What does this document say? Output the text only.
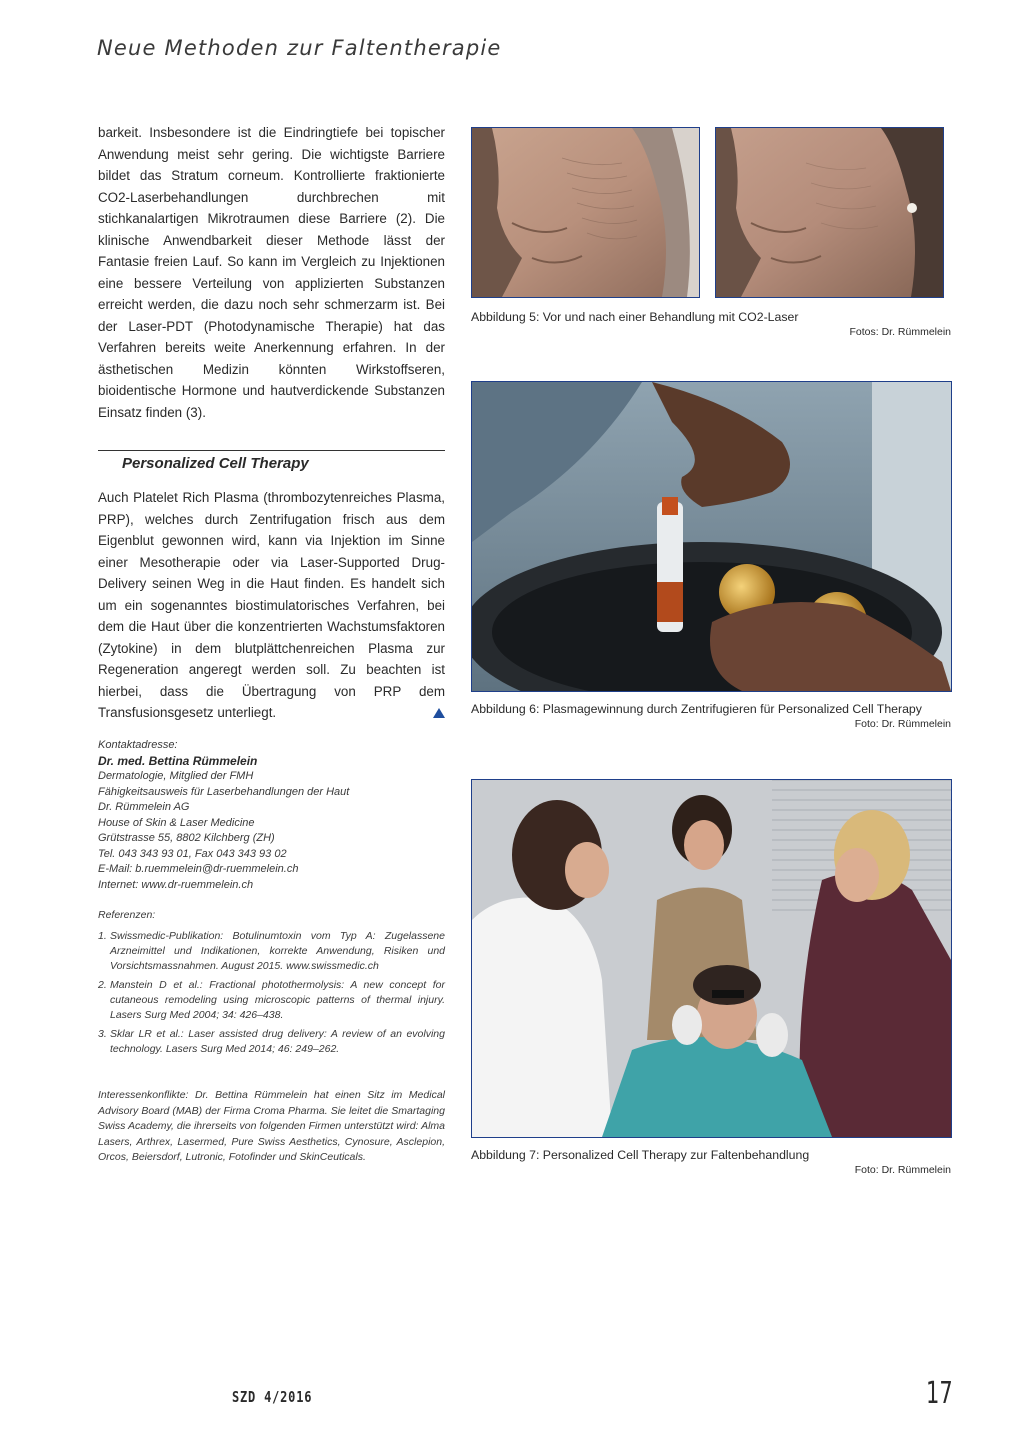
Neue Methoden zur Faltentherapie

barkeit. Insbesondere ist die Eindringtiefe bei topischer Anwendung meist sehr gering. Die wichtigste Barriere bildet das Stratum corneum. Kontrollierte fraktionierte CO2-Laserbehandlungen durchbrechen mit stichkanalartigen Mikrotraumen diese Barriere (2). Die klinische Anwendbarkeit dieser Methode lässt der Fantasie freien Lauf. So kann im Vergleich zu Injektionen eine bessere Verteilung von applizierten Substanzen erreicht werden, die dazu noch sehr schmerzarm ist. Bei der Laser-PDT (Photodynamische Therapie) hat das Verfahren bereits weite Anerkennung erfahren. In der ästhetischen Medizin könnten Wirkstoffseren, bioidentische Hormone und hautverdickende Substanzen Einsatz finden (3).

Personalized Cell Therapy

Auch Platelet Rich Plasma (thrombozytenreiches Plasma, PRP), welches durch Zentrifugation frisch aus dem Eigenblut gewonnen wird, kann via Injektion im Sinne einer Mesotherapie oder via Laser-Supported Drug-Delivery seinen Weg in die Haut finden. Es handelt sich um ein sogenanntes biostimulatorisches Verfahren, bei dem die Haut über die konzentrierten Wachstumsfaktoren (Zytokine) in dem blutplättchenreichen Plasma zur Regeneration angeregt werden soll. Zu beachten ist hierbei, dass die Übertragung von PRP dem Transfusionsgesetz unterliegt.

Kontaktadresse:
Dr. med. Bettina Rümmelein
Dermatologie, Mitglied der FMH
Fähigkeitsausweis für Laserbehandlungen der Haut
Dr. Rümmelein AG
House of Skin & Laser Medicine
Grütstrasse 55, 8802 Kilchberg (ZH)
Tel. 043 343 93 01, Fax 043 343 93 02
E-Mail: b.ruemmelein@dr-ruemmelein.ch
Internet: www.dr-ruemmelein.ch
Referenzen:
1. Swissmedic-Publikation: Botulinumtoxin vom Typ A: Zugelassene Arzneimittel und Indikationen, korrekte Anwendung, Risiken und Vorsichtsmassnahmen. August 2015. www.swissmedic.ch
2. Manstein D et al.: Fractional photothermolysis: A new concept for cutaneous remodeling using microscopic patterns of thermal injury. Lasers Surg Med 2004; 34: 426–438.
3. Sklar LR et al.: Laser assisted drug delivery: A review of an evolving technology. Lasers Surg Med 2014; 46: 249–262.
Interessenkonflikte: Dr. Bettina Rümmelein hat einen Sitz im Medical Advisory Board (MAB) der Firma Croma Pharma. Sie leitet die Smartaging Swiss Academy, die ihrerseits von folgenden Firmen unterstützt wird: Alma Lasers, Arthrex, Lasermed, Pure Swiss Aesthetics, Cynosure, Asclepion, Orcos, Beiersdorf, Lutronic, Fotofinder und SkinCeuticals.
Abbildung 5: Vor und nach einer Behandlung mit CO2-Laser
Fotos: Dr. Rümmelein
Abbildung 6: Plasmagewinnung durch Zentrifugieren für Personalized Cell Therapy
Foto: Dr. Rümmelein
Abbildung 7: Personalized Cell Therapy zur Faltenbehandlung
Foto: Dr. Rümmelein
SZD 4/2016	17
